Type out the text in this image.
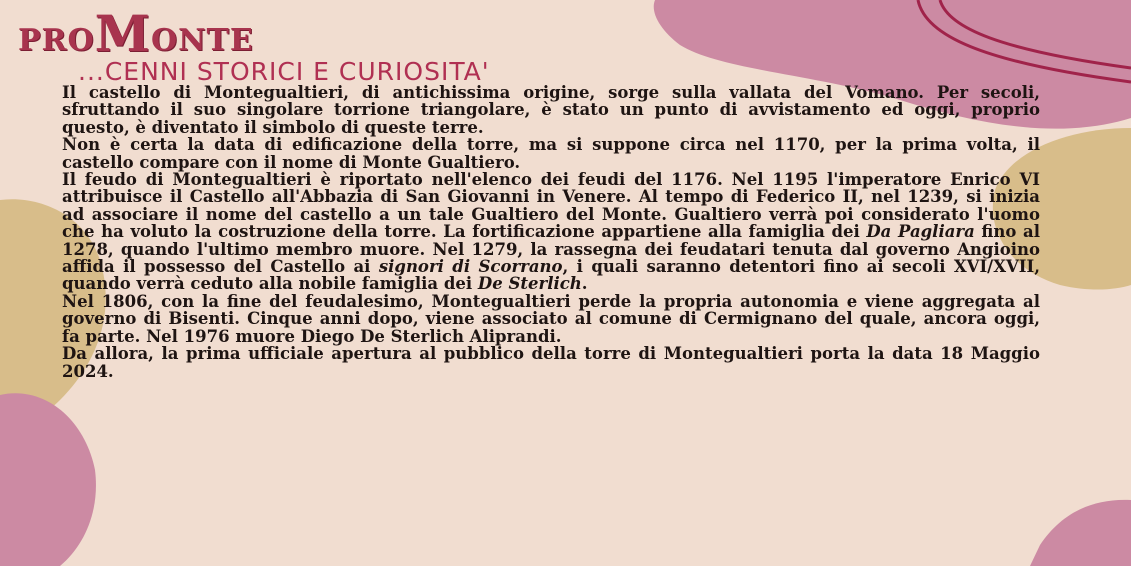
PRO M ONTE
...CENNI STORICI E CURIOSITA'

Il castello di Montegualtieri, di antichissima origine, sorge sulla vallata del Vomano. Per secoli, sfruttando il suo singolare torrione triangolare, è stato un punto di avvistamento ed oggi, proprio questo, è diventato il simbolo di queste terre.

Non è certa la data di edificazione della torre, ma si suppone circa nel 1170, per la prima volta, il castello compare con il nome di Monte Gualtiero.

Il feudo di Montegualtieri è riportato nell'elenco dei feudi del 1176. Nel 1195 l'imperatore Enrico VI attribuisce il Castello all'Abbazia di San Giovanni in Venere. Al tempo di Federico II, nel 1239, si inizia ad associare il nome del castello a un tale Gualtiero del Monte. Gualtiero verrà poi considerato l'uomo che ha voluto la costruzione della torre. La fortificazione appartiene alla famiglia dei Da Pagliara fino al 1278, quando l'ultimo membro muore. Nel 1279, la rassegna dei feudatari tenuta dal governo Angioino affida il possesso del Castello ai signori di Scorrano, i quali saranno detentori fino ai secoli XVI/XVII, quando verrà ceduto alla nobile famiglia dei De Sterlich.

Nel 1806, con la fine del feudalesimo, Montegualtieri perde la propria autonomia e viene aggregata al governo di Bisenti. Cinque anni dopo, viene associato al comune di Cermignano del quale, ancora oggi, fa parte. Nel 1976 muore Diego De Sterlich Aliprandi.

Da allora, la prima ufficiale apertura al pubblico della torre di Montegualtieri porta la data 18 Maggio 2024.
